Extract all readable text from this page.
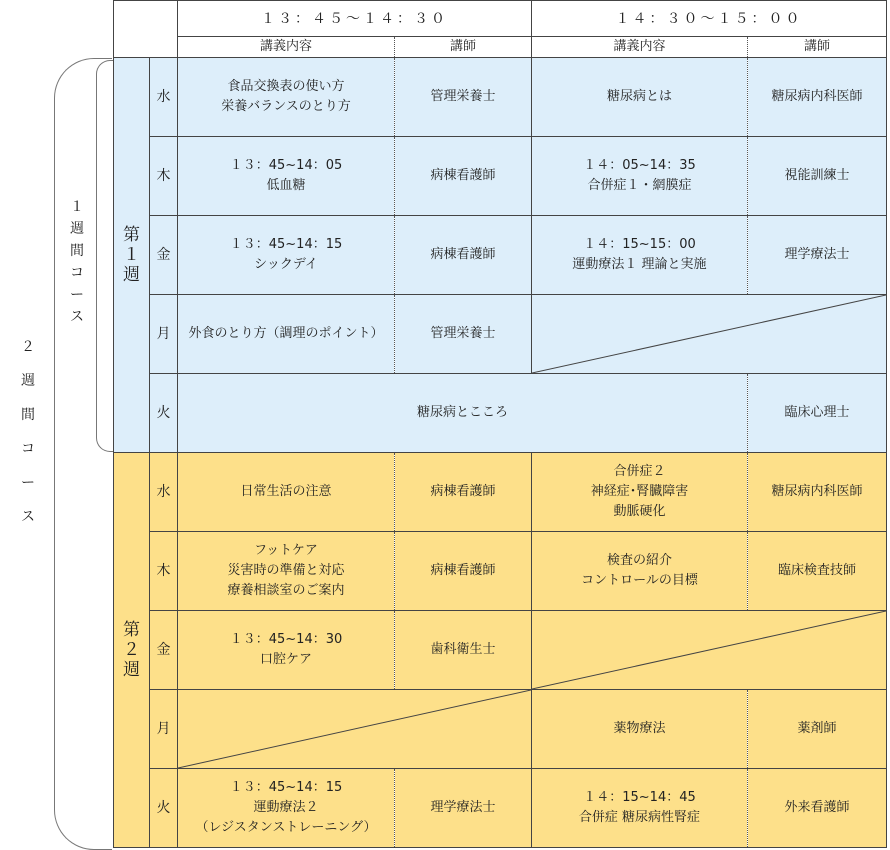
２
週
間
コ
ー
ス
１
週
間
コ
ー
ス
		１３：４５～１４：３０		１４：３０～１５：００	
		講義内容	講師	講義内容	講師

第
１
週	水	食品交換表の使い方
栄養バランスのとり方	管理栄養士	糖尿病とは	糖尿病内科医師
	木	１３：45~14：05
低血糖	病棟看護師	１４：05~14：35
合併症１・網膜症	視能訓練士
	金	１３：45~14：15
シックデイ	病棟看護師	１４：15~15：00
運動療法１ 理論と実施	理学療法士
	月	外食のとり方（調理のポイント）	管理栄養士	

	火	糖尿病とこころ			臨床心理士

第
２
週	水	日常生活の注意	病棟看護師	合併症２
神経症･腎臓障害
動脈硬化	糖尿病内科医師
	木	フットケア
災害時の準備と対応
療養相談室のご案内	病棟看護師	検査の紹介
コントロールの目標	臨床検査技師
	金	１３：45~14：30
口腔ケア	歯科衛生士	

	月			薬物療法	薬剤師
	火	１３：45~14：15
運動療法２
（レジスタンストレーニング）	理学療法士	１４：15~14：45
合併症 糖尿病性腎症	外来看護師
